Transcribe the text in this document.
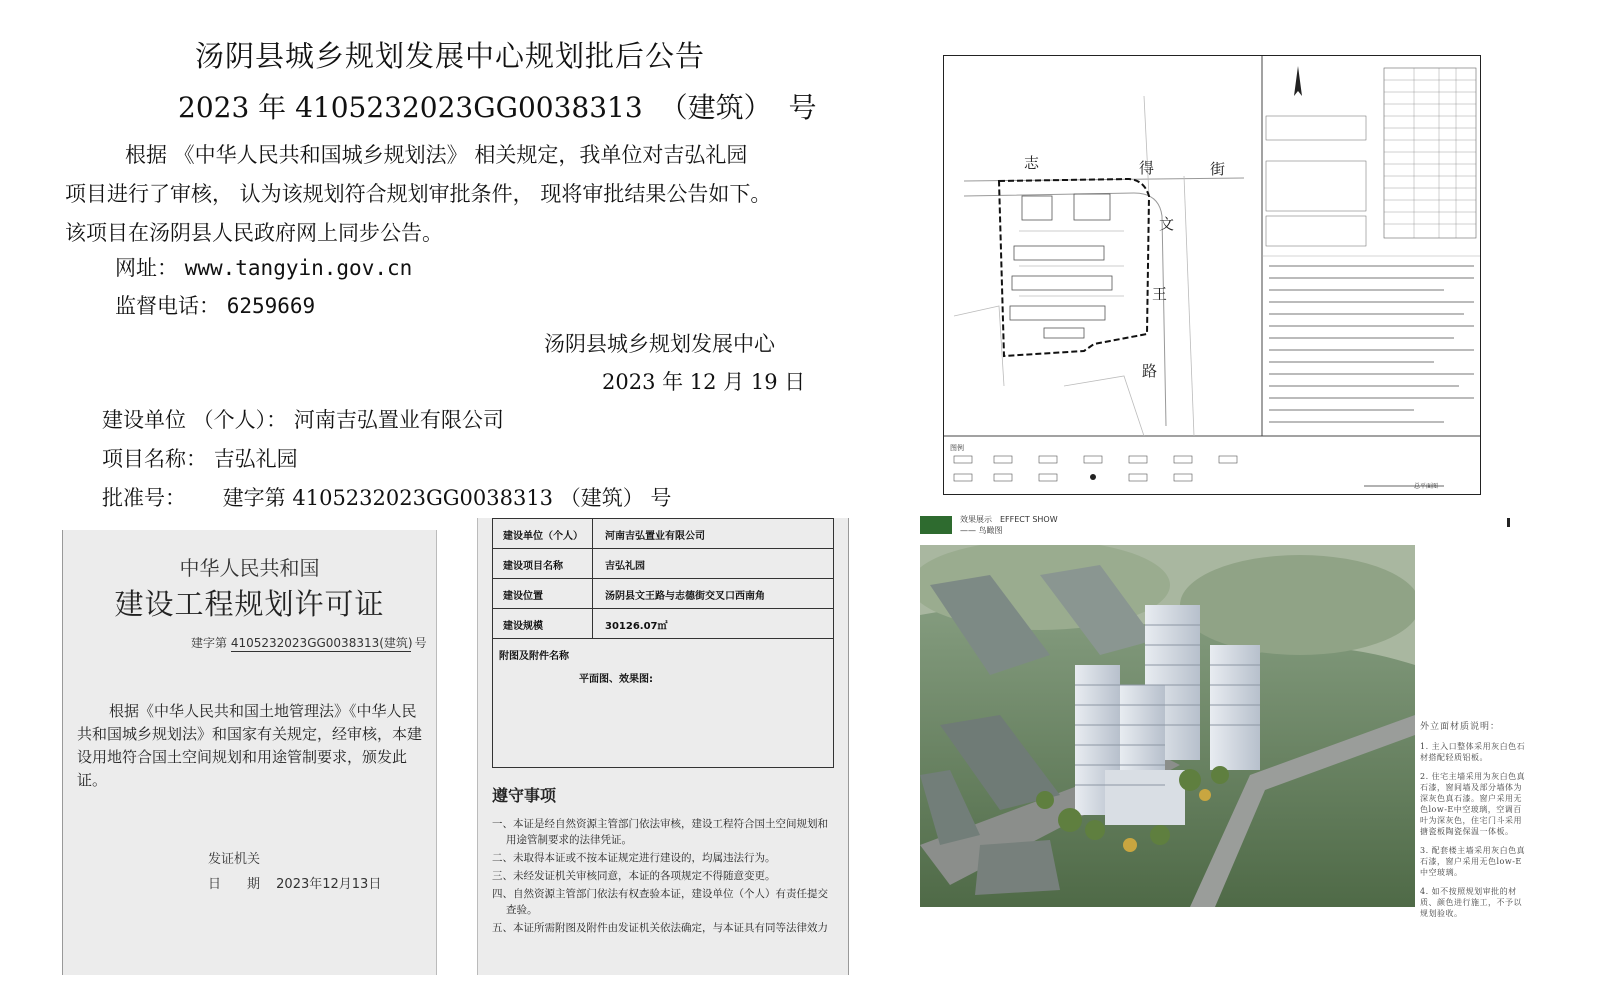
汤阴县城乡规划发展中心规划批后公告
2023 年 4105232023GG0038313 （建筑） 号
根据 《中华人民共和国城乡规划法》 相关规定，我单位对吉弘礼园
项目进行了审核， 认为该规划符合规划审批条件， 现将审批结果公告如下。
该项目在汤阴县人民政府网上同步公告。
网址： www.tangyin.gov.cn
监督电话： 6259669
汤阴县城乡规划发展中心
2023 年 12 月 19 日
建设单位 （个人）： 河南吉弘置业有限公司
项目名称： 吉弘礼园
批准号： 建字第 4105232023GG0038313 （建筑） 号
中华人民共和国
建设工程规划许可证
建字第 4105232023GG0038313(建筑) 号
根据《中华人民共和国土地管理法》《中华人民共和国城乡规划法》和国家有关规定，经审核，本建设用地符合国土空间规划和用途管制要求，颁发此证。
发证机关
日　　期 2023年12月13日
建设单位（个人）	河南吉弘置业有限公司
建设项目名称	吉弘礼园
建设位置	汤阴县文王路与志德街交叉口西南角
建设规模	30126.07㎡
附图及附件名称
平面图、效果图:
遵守事项
一、本证是经自然资源主管部门依法审核，建设工程符合国土空间规划和用途管制要求的法律凭证。
二、未取得本证或不按本证规定进行建设的，均属违法行为。
三、未经发证机关审核同意，本证的各项规定不得随意变更。
四、自然资源主管部门依法有权查验本证，建设单位（个人）有责任提交查验。
五、本证所需附图及附件由发证机关依法确定，与本证具有同等法律效力
志	得	街
文
王
路
图例
总平面图
效果展示　EFFECT SHOW
—— 鸟瞰图
外立面材质说明：
1. 主入口整体采用灰白色石材搭配轻质铝板。
2. 住宅主墙采用为灰白色真石漆，窗间墙及部分墙体为深灰色真石漆。窗户采用无色low-E中空玻璃，空调百叶为深灰色，住宅门斗采用搪瓷板陶瓷保温一体板。
3. 配套楼主墙采用灰白色真石漆，窗户采用无色low-E中空玻璃。
4. 如不按照规划审批的材质、颜色进行施工，不予以规划验收。
